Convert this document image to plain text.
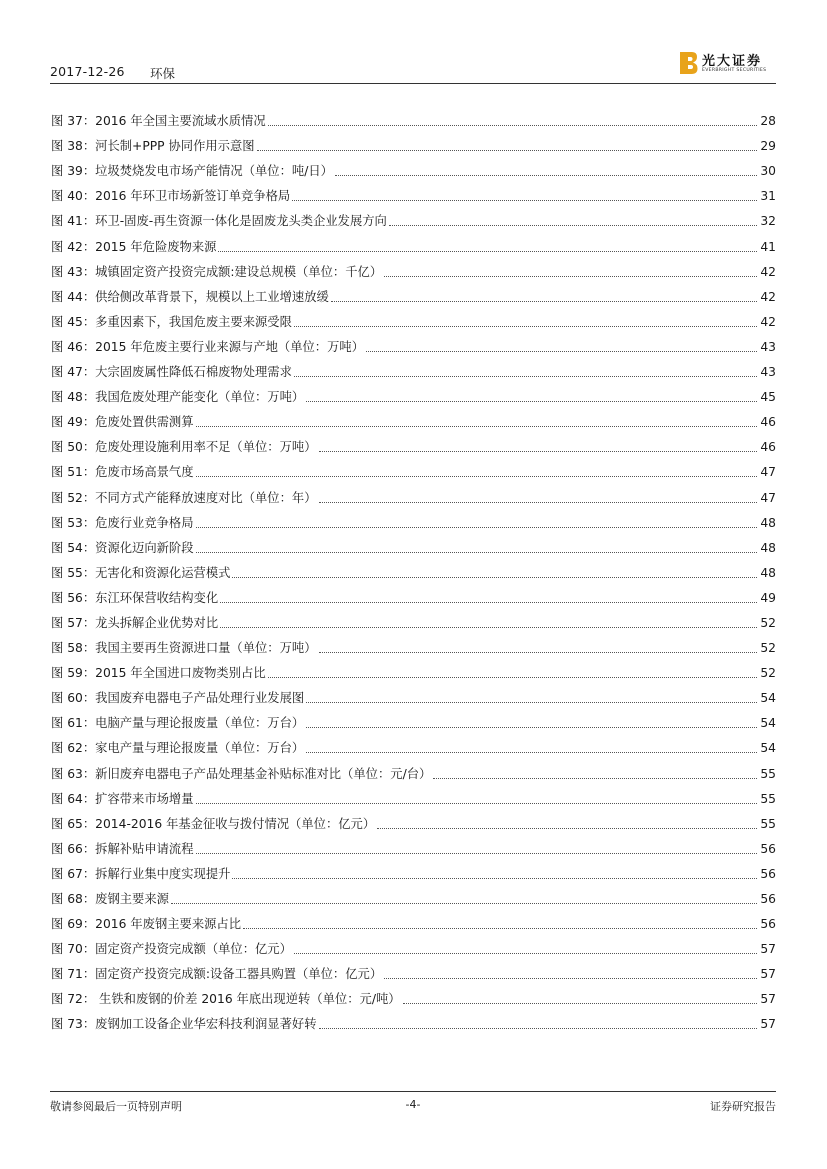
2017-12-26 环保
光大证券
EVERBRIGHT SECURITIES
图 37：2016 年全国主要流域水质情况	28
图 38：河长制+PPP 协同作用示意图	29
图 39：垃圾焚烧发电市场产能情况（单位：吨/日）	30
图 40：2016 年环卫市场新签订单竞争格局	31
图 41：环卫-固废-再生资源一体化是固废龙头类企业发展方向	32
图 42：2015 年危险废物来源	41
图 43：城镇固定资产投资完成额:建设总规模（单位：千亿）	42
图 44：供给侧改革背景下，规模以上工业增速放缓	42
图 45：多重因素下，我国危废主要来源受限	42
图 46：2015 年危废主要行业来源与产地（单位：万吨）	43
图 47：大宗固废属性降低石棉废物处理需求	43
图 48：我国危废处理产能变化（单位：万吨）	45
图 49：危废处置供需测算	46
图 50：危废处理设施利用率不足（单位：万吨）	46
图 51：危废市场高景气度	47
图 52：不同方式产能释放速度对比（单位：年）	47
图 53：危废行业竞争格局	48
图 54：资源化迈向新阶段	48
图 55：无害化和资源化运营模式	48
图 56：东江环保营收结构变化	49
图 57：龙头拆解企业优势对比	52
图 58：我国主要再生资源进口量（单位：万吨）	52
图 59：2015 年全国进口废物类别占比	52
图 60：我国废弃电器电子产品处理行业发展图	54
图 61：电脑产量与理论报废量（单位：万台）	54
图 62：家电产量与理论报废量（单位：万台）	54
图 63：新旧废弃电器电子产品处理基金补贴标准对比（单位：元/台）	55
图 64：扩容带来市场增量	55
图 65：2014-2016 年基金征收与拨付情况（单位：亿元）	55
图 66：拆解补贴申请流程	56
图 67：拆解行业集中度实现提升	56
图 68：废钢主要来源	56
图 69：2016 年废钢主要来源占比	56
图 70：固定资产投资完成额（单位：亿元）	57
图 71：固定资产投资完成额:设备工器具购置（单位：亿元）	57
图 72： 生铁和废钢的价差 2016 年底出现逆转（单位：元/吨）	57
图 73：废钢加工设备企业华宏科技利润显著好转	57
敬请参阅最后一页特别声明	-4-	证券研究报告
